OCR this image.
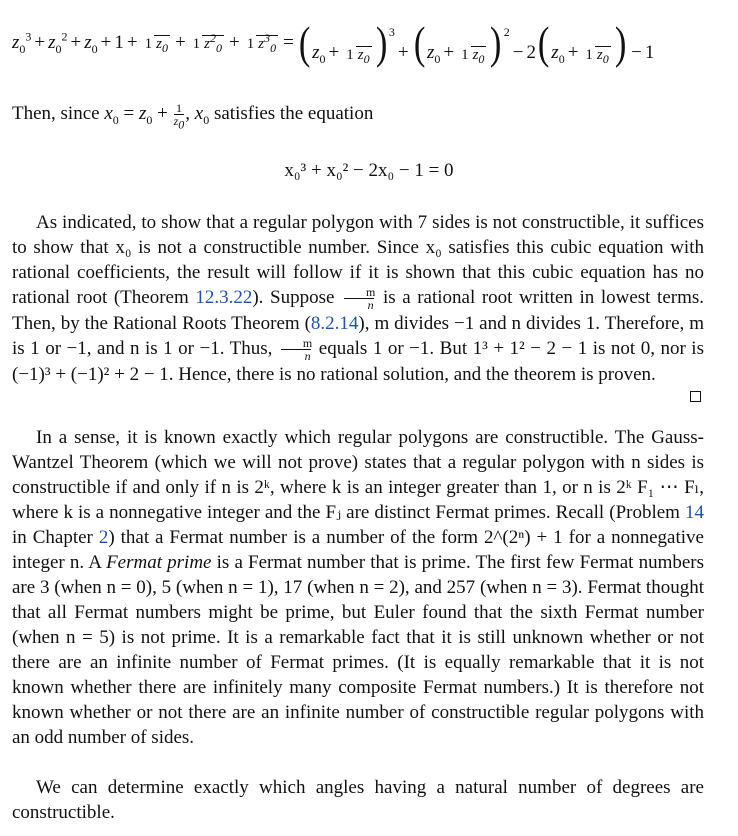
$z_0^3 + z_0^2 + z_0 + 1 + 1$ $z_0 + 1$ $z^2_0 + 1$ $z^3_0$ = ( $z_0 + 1$ $z_0$ ) $^3$+ ( $z_0 + 1$ $z_0$ ) $^2$− 2( $z_0 + 1$ $z_0$ ) − 1

Then, since $x_0 = z_0 + \frac{1}{z_0}$ , $x_0$ satisfies the equation

x₀³ + x₀² − 2x₀ − 1 = 0

As indicated, to show that a regular polygon with 7 sides is not constructible, it suffices to show that x₀ is not a constructible number. Since x₀ satisfies this cubic equation with rational coefficients, the result will follow if it is shown that this cubic equation has no rational root (Theorem 12.3.22). Suppose $\frac{m}{n}$ is a rational root written in lowest terms. Then, by the Rational Roots Theorem (8.2.14), m divides −1 and n divides 1. Therefore, m is 1 or −1, and n is 1 or −1. Thus, $\frac{m}{n}$ equals 1 or −1. But 1³ + 1² − 2 − 1 is not 0, nor is (−1)³ + (−1)² + 2 − 1. Hence, there is no rational solution, and the theorem is proven.

In a sense, it is known exactly which regular polygons are constructible. The Gauss-Wantzel Theorem (which we will not prove) states that a regular polygon with n sides is constructible if and only if n is 2ᵏ, where k is an integer greater than 1, or n is 2ᵏ F₁ ⋯ Fₗ, where k is a nonnegative integer and the Fⱼ are distinct Fermat primes. Recall (Problem 14 in Chapter 2) that a Fermat number is a number of the form 2^(2ⁿ) + 1 for a nonnegative integer n. A Fermat prime is a Fermat number that is prime. The first few Fermat numbers are 3 (when n = 0), 5 (when n = 1), 17 (when n = 2), and 257 (when n = 3). Fermat thought that all Fermat numbers might be prime, but Euler found that the sixth Fermat number (when n = 5) is not prime. It is a remarkable fact that it is still unknown whether or not there are an infinite number of Fermat primes. (It is equally remarkable that it is not known whether there are infinitely many composite Fermat numbers.) It is therefore not known whether or not there are an infinite number of constructible regular polygons with an odd number of sides.

We can determine exactly which angles having a natural number of degrees are constructible.
